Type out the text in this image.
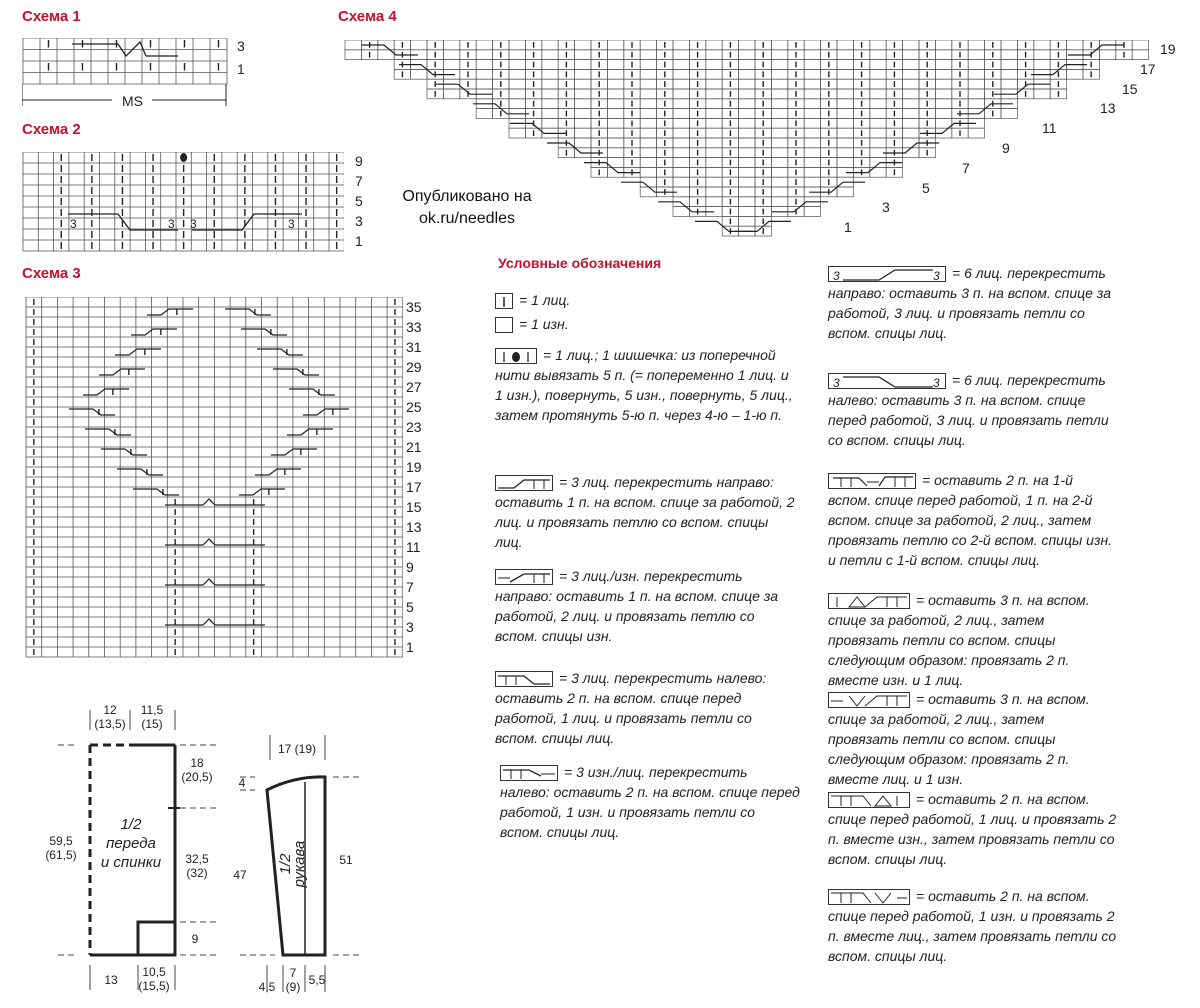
Схема 1
MS
3
1
Схема 2
3	3 3	3
9
7
5
3
1
Схема 3
35
33
31
29
27
25
23
21
19
17
15
13
11
9
7
5
3
1
Схема 4
19
17
15
13
11
9
7
5
3
1
Опубликовано на
ok.ru/needles
Условные обозначения
= 1 лиц.
= 1 изн.
= 1 лиц.; 1 шишечка: из поперечной нити вывязать 5 п. (= попеременно 1 лиц. и 1 изн.), повернуть, 5 изн., повернуть, 5 лиц., затем протянуть 5-ю п. через 4-ю – 1-ю п.
= 3 лиц. перекрестить направо: оставить 1 п. на вспом. спице за работой, 2 лиц. и провязать петлю со вспом. спицы лиц.
= 3 лиц./изн. перекрестить направо: оставить 1 п. на вспом. спице за работой, 2 лиц. и провязать петлю со вспом. спицы изн.
= 3 лиц. перекрестить налево: оставить 2 п. на вспом. спице перед работой, 1 лиц. и провязать петли со вспом. спицы лиц.
= 3 изн./лиц. перекрестить налево: оставить 2 п. на вспом. спице перед работой, 1 изн. и провязать петли со вспом. спицы лиц.
3	3 = 6 лиц. перекрестить направо: оставить 3 п. на вспом. спице за работой, 3 лиц. и провязать петли со вспом. спицы лиц.
3	3 = 6 лиц. перекрестить налево: оставить 3 п. на вспом. спице перед работой, 3 лиц. и провязать петли со вспом. спицы лиц.
= оставить 2 п. на 1-й вспом. спице перед работой, 1 п. на 2-й вспом. спице за работой, 2 лиц., затем провязать петлю со 2-й вспом. спицы изн. и петли с 1-й вспом. спицы лиц.
= оставить 3 п. на вспом. спице за работой, 2 лиц., затем провязать петли со вспом. спицы следующим образом: провязать 2 п. вместе изн. и 1 лиц.
= оставить 3 п. на вспом. спице за работой, 2 лиц., затем провязать петли со вспом. спицы следующим образом: провязать 2 п. вместе лиц. и 1 изн.
= оставить 2 п. на вспом. спице перед работой, 1 лиц. и провязать 2 п. вместе изн., затем провязать петли со вспом. спицы лиц.
= оставить 2 п. на вспом. спице перед работой, 1 изн. и провязать 2 п. вместе лиц., затем провязать петли со вспом. спицы лиц.
12
(13,5)
11,5
(15)
18
(20,5)
32,5
(32)
9
59,5
(61,5)
13
10,5
(15,5)
1/2
переда
и спинки
17 (19)
4
47
51
4,5
7
(9) 5,5
1/2 рукава
